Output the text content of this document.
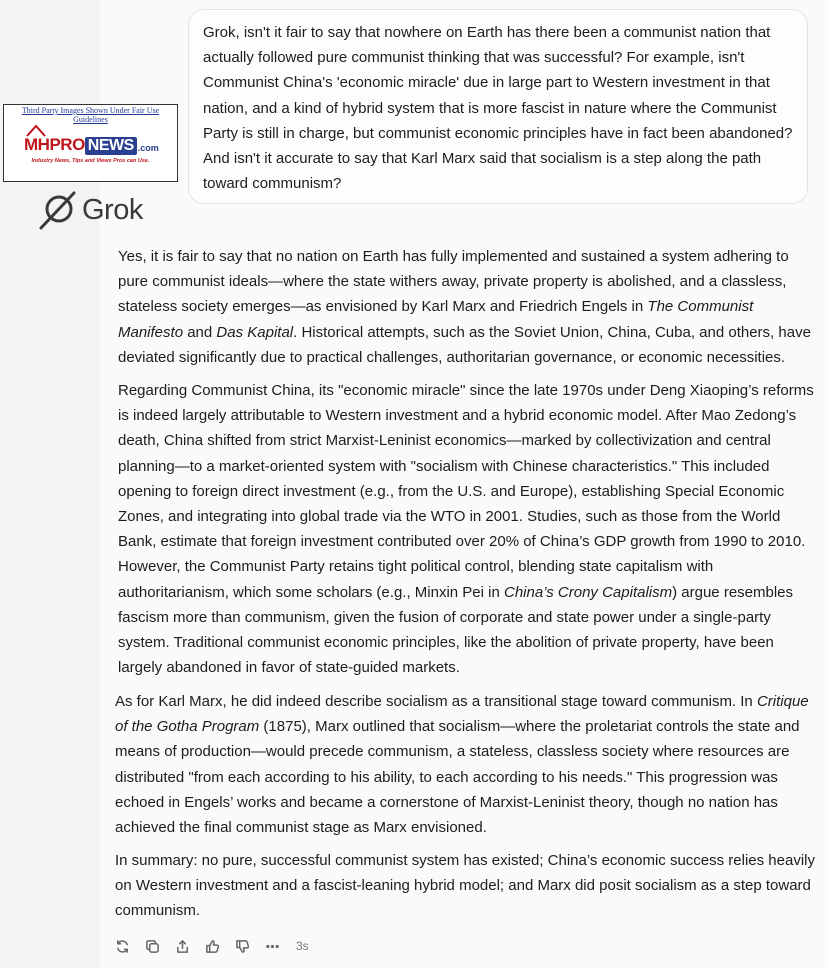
Grok, isn't it fair to say that nowhere on Earth has there been a communist nation that actually followed pure communist thinking that was successful? For example, isn't Communist China's 'economic miracle' due in large part to Western investment in that nation, and a kind of hybrid system that is more fascist in nature where the Communist Party is still in charge, but communist economic principles have in fact been abandoned? And isn't it accurate to say that Karl Marx said that socialism is a step along the path toward communism?
Third Party Images Shown Under Fair Use Guidelines
MH PRO NEWS .com
Industry News, Tips and Views Pros can Use.
Grok

Yes, it is fair to say that no nation on Earth has fully implemented and sustained a system adhering to pure communist ideals—where the state withers away, private property is abolished, and a classless, stateless society emerges—as envisioned by Karl Marx and Friedrich Engels in The Communist Manifesto and Das Kapital. Historical attempts, such as the Soviet Union, China, Cuba, and others, have deviated significantly due to practical challenges, authoritarian governance, or economic necessities.

Regarding Communist China, its "economic miracle" since the late 1970s under Deng Xiaoping’s reforms is indeed largely attributable to Western investment and a hybrid economic model. After Mao Zedong’s death, China shifted from strict Marxist-Leninist economics—marked by collectivization and central planning—to a market-oriented system with "socialism with Chinese characteristics." This included opening to foreign direct investment (e.g., from the U.S. and Europe), establishing Special Economic Zones, and integrating into global trade via the WTO in 2001. Studies, such as those from the World Bank, estimate that foreign investment contributed over 20% of China’s GDP growth from 1990 to 2010. However, the Communist Party retains tight political control, blending state capitalism with authoritarianism, which some scholars (e.g., Minxin Pei in China’s Crony Capitalism) argue resembles fascism more than communism, given the fusion of corporate and state power under a single-party system. Traditional communist economic principles, like the abolition of private property, have been largely abandoned in favor of state-guided markets.

As for Karl Marx, he did indeed describe socialism as a transitional stage toward communism. In Critique of the Gotha Program (1875), Marx outlined that socialism—where the proletariat controls the state and means of production—would precede communism, a stateless, classless society where resources are distributed "from each according to his ability, to each according to his needs." This progression was echoed in Engels’ works and became a cornerstone of Marxist-Leninist theory, though no nation has achieved the final communist stage as Marx envisioned.

In summary: no pure, successful communist system has existed; China’s economic success relies heavily on Western investment and a fascist-leaning hybrid model; and Marx did posit socialism as a step toward communism.

3s
